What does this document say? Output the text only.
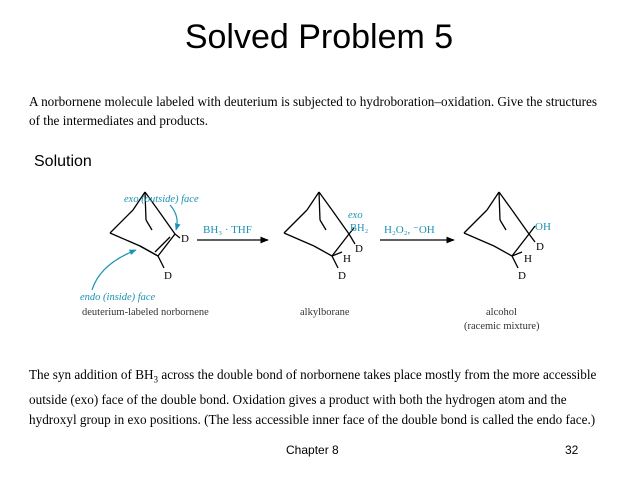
Solved Problem 5
A norbornene molecule labeled with deuterium is subjected to hydroboration–oxidation. Give the structures of the intermediates and products.
Solution
D
D
exo (outside) face
endo (inside) face
deuterium-labeled norbornene
BH₃ · THF
exo
BH₂
D
H
D
alkylborane
H₂O₂, ⁻OH	OH
D
H
D
alcohol
(racemic mixture)
The syn addition of $BH_3$ across the double bond of norbornene takes place mostly from the more accessible outside (exo) face of the double bond. Oxidation gives a product with both the hydrogen atom and the hydroxyl group in exo positions. (The less accessible inner face of the double bond is called the endo face.)
Chapter 8	32
